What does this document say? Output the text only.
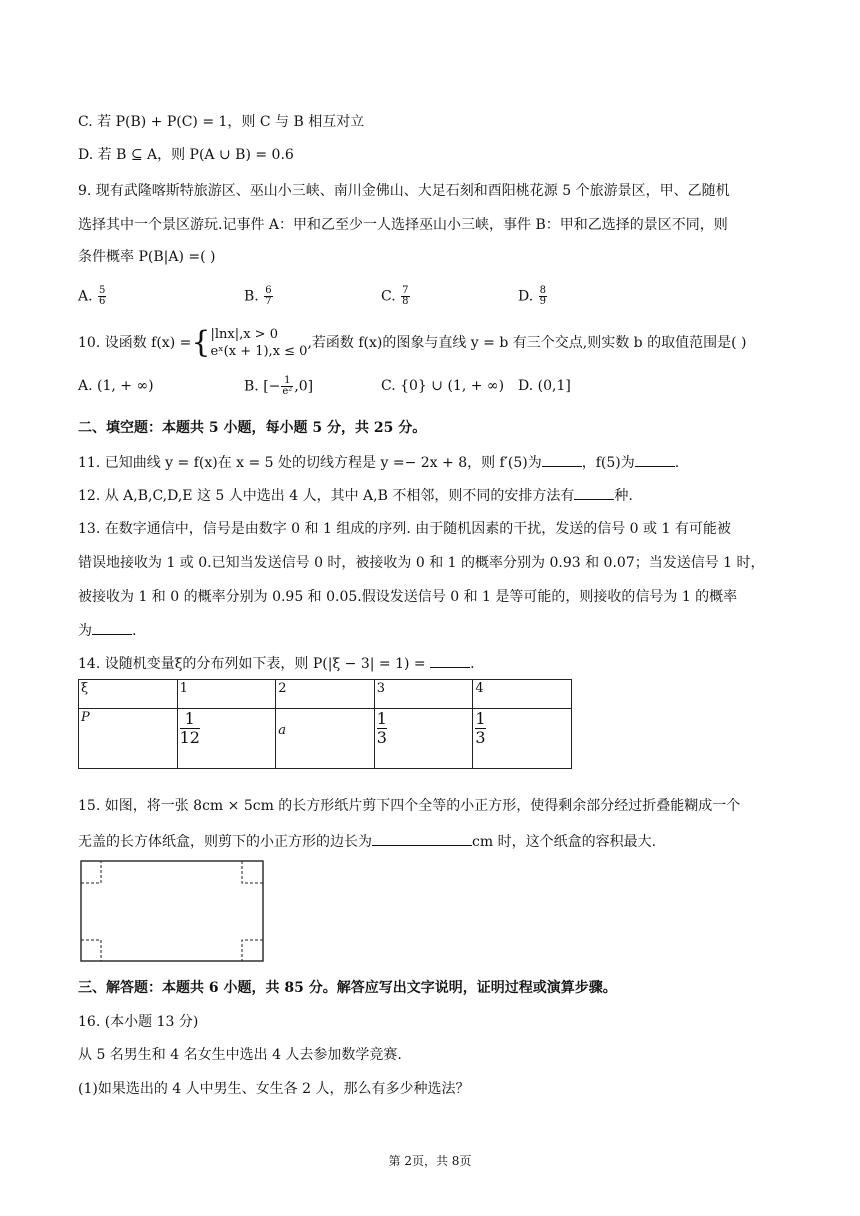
C. 若 P(B) + P(C) = 1，则 C 与 B 相互对立
D. 若 B ⊆ A，则 P(A ∪ B) = 0.6
9. 现有武隆喀斯特旅游区、巫山小三峡、南川金佛山、大足石刻和酉阳桃花源 5 个旅游景区，甲、乙随机
选择其中一个景区游玩.记事件 A：甲和乙至少一人选择巫山小三峡，事件 B：甲和乙选择的景区不同，则
条件概率 P(B|A) =( )
A. $\frac{5}{6}$	B. $\frac{6}{7}$	C. $\frac{7}{8}$	D. $\frac{8}{9}$
10. 设函数 f(x) ={ |lnx|,x > 0
eˣ(x + 1),x ≤ 0
,若函数 f(x)的图象与直线 y = b 有三个交点,则实数 b 的取值范围是( )
A. (1, + ∞)	B. [− $\frac{1}{\text{e²}} ,0$]	C. {0} ∪ (1, + ∞) D. (0,1]
二、填空题：本题共 5 小题，每小题 5 分，共 25 分。
11. 已知曲线 y = f(x)在 x = 5 处的切线方程是 y =− 2x + 8，则 f′(5)为	，f(5)为	.
12. 从 A,B,C,D,E 这 5 人中选出 4 人，其中 A,B 不相邻，则不同的安排方法有	种.
13. 在数字通信中，信号是由数字 0 和 1 组成的序列. 由于随机因素的干扰，发送的信号 0 或 1 有可能被
错误地接收为 1 或 0.已知当发送信号 0 时，被接收为 0 和 1 的概率分别为 0.93 和 0.07；当发送信号 1 时，
被接收为 1 和 0 的概率分别为 0.95 和 0.05.假设发送信号 0 和 1 是等可能的，则接收的信号为 1 的概率
为	.
14. 设随机变量ξ的分布列如下表，则 P(|ξ − 3| = 1) =	.
ξ	1	2	3	4
P	$\frac{1}{12}$	a	$\frac{1}{3}$	$\frac{1}{3}$
15. 如图，将一张 8cm × 5cm 的长方形纸片剪下四个全等的小正方形，使得剩余部分经过折叠能糊成一个
无盖的长方体纸盒，则剪下的小正方形的边长为	cm 时，这个纸盒的容积最大.
三、解答题：本题共 6 小题，共 85 分。解答应写出文字说明，证明过程或演算步骤。
16. (本小题 13 分)
从 5 名男生和 4 名女生中选出 4 人去参加数学竞赛.
(1)如果选出的 4 人中男生、女生各 2 人，那么有多少种选法？
第 2页，共 8页
